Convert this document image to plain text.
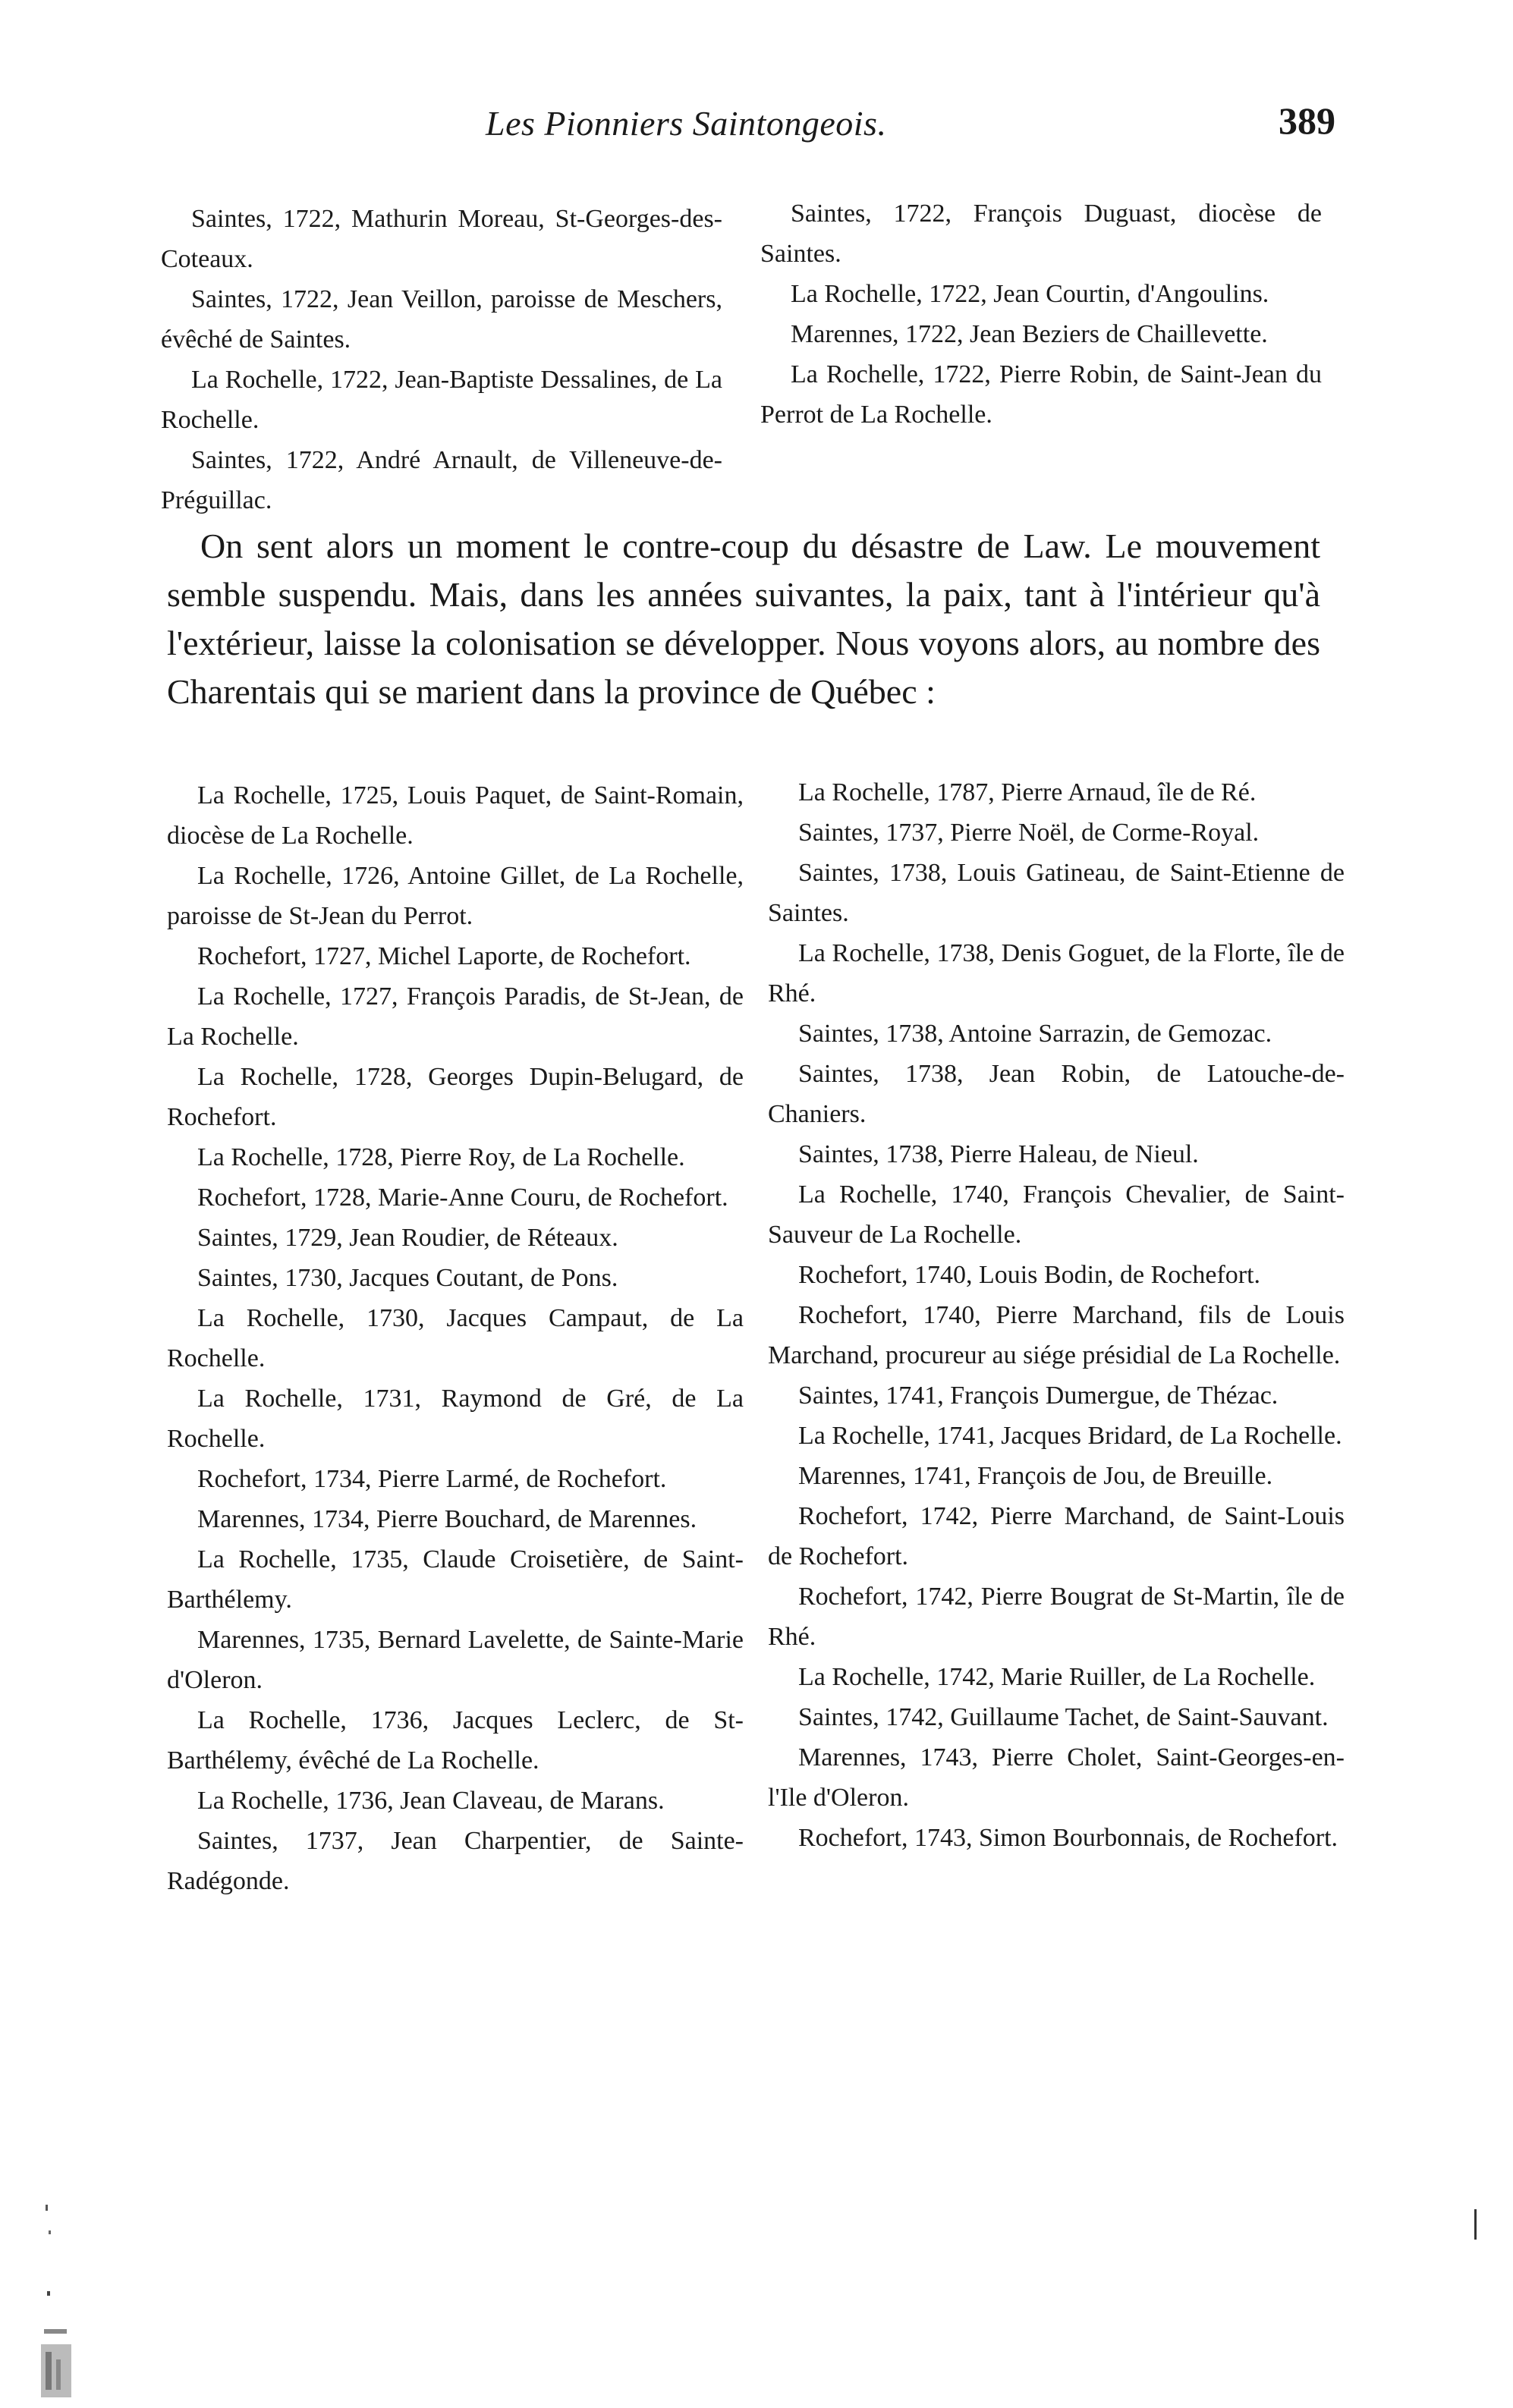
Les Pionniers Saintongeois.	389

Saintes, 1722, Mathurin Moreau, St-Georges-des-Coteaux.

Saintes, 1722, Jean Veillon, paroisse de Meschers, évêché de Saintes.

La Rochelle, 1722, Jean-Baptiste Dessalines, de La Rochelle.

Saintes, 1722, André Arnault, de Villeneuve-de-Préguillac.

Saintes, 1722, François Duguast, diocèse de Saintes.

La Rochelle, 1722, Jean Courtin, d'Angoulins.

Marennes, 1722, Jean Beziers de Chaillevette.

La Rochelle, 1722, Pierre Robin, de Saint-Jean du Perrot de La Rochelle.

On sent alors un moment le contre-coup du désastre de Law. Le mouvement semble suspendu. Mais, dans les années suivantes, la paix, tant à l'intérieur qu'à l'extérieur, laisse la colonisation se développer. Nous voyons alors, au nombre des Charentais qui se marient dans la province de Québec :

La Rochelle, 1725, Louis Paquet, de Saint-Romain, diocèse de La Rochelle.

La Rochelle, 1726, Antoine Gillet, de La Rochelle, paroisse de St-Jean du Perrot.

Rochefort, 1727, Michel Laporte, de Rochefort.

La Rochelle, 1727, François Paradis, de St-Jean, de La Rochelle.

La Rochelle, 1728, Georges Dupin-Belugard, de Rochefort.

La Rochelle, 1728, Pierre Roy, de La Rochelle.

Rochefort, 1728, Marie-Anne Couru, de Rochefort.

Saintes, 1729, Jean Roudier, de Réteaux.

Saintes, 1730, Jacques Coutant, de Pons.

La Rochelle, 1730, Jacques Campaut, de La Rochelle.

La Rochelle, 1731, Raymond de Gré, de La Rochelle.

Rochefort, 1734, Pierre Larmé, de Rochefort.

Marennes, 1734, Pierre Bouchard, de Marennes.

La Rochelle, 1735, Claude Croisetière, de Saint-Barthélemy.

Marennes, 1735, Bernard Lavelette, de Sainte-Marie d'Oleron.

La Rochelle, 1736, Jacques Leclerc, de St-Barthélemy, évêché de La Rochelle.

La Rochelle, 1736, Jean Claveau, de Marans.

Saintes, 1737, Jean Charpentier, de Sainte-Radégonde.

La Rochelle, 1787, Pierre Arnaud, île de Ré.

Saintes, 1737, Pierre Noël, de Corme-Royal.

Saintes, 1738, Louis Gatineau, de Saint-Etienne de Saintes.

La Rochelle, 1738, Denis Goguet, de la Florte, île de Rhé.

Saintes, 1738, Antoine Sarrazin, de Gemozac.

Saintes, 1738, Jean Robin, de Latouche-de-Chaniers.

Saintes, 1738, Pierre Haleau, de Nieul.

La Rochelle, 1740, François Chevalier, de Saint-Sauveur de La Rochelle.

Rochefort, 1740, Louis Bodin, de Rochefort.

Rochefort, 1740, Pierre Marchand, fils de Louis Marchand, procureur au siége présidial de La Rochelle.

Saintes, 1741, François Dumergue, de Thézac.

La Rochelle, 1741, Jacques Bridard, de La Rochelle.

Marennes, 1741, François de Jou, de Breuille.

Rochefort, 1742, Pierre Marchand, de Saint-Louis de Rochefort.

Rochefort, 1742, Pierre Bougrat de St-Martin, île de Rhé.

La Rochelle, 1742, Marie Ruiller, de La Rochelle.

Saintes, 1742, Guillaume Tachet, de Saint-Sauvant.

Marennes, 1743, Pierre Cholet, Saint-Georges-en-l'Ile d'Oleron.

Rochefort, 1743, Simon Bourbonnais, de Rochefort.
